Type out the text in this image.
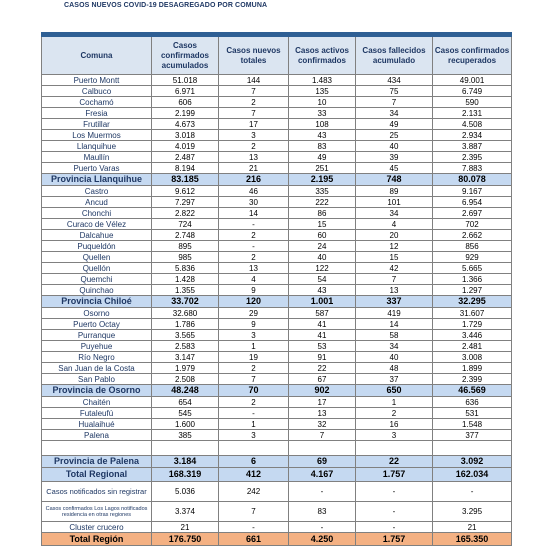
CASOS NUEVOS COVID-19 DESAGREGADO POR COMUNA

Comuna	Casos confirmados acumulados	Casos nuevos totales	Casos activos confirmados	Casos fallecidos acumulado	Casos confirmados recuperados
Puerto Montt	51.018	144	1.483	434	49.001
Calbuco	6.971	7	135	75	6.749
Cochamó	606	2	10	7	590
Fresia	2.199	7	33	34	2.131
Frutillar	4.673	17	108	49	4.508
Los Muermos	3.018	3	43	25	2.934
Llanquihue	4.019	2	83	40	3.887
Maullín	2.487	13	49	39	2.395
Puerto Varas	8.194	21	251	45	7.883
Provincia Llanquihue	83.185	216	2.195	748	80.078
Castro	9.612	46	335	89	9.167
Ancud	7.297	30	222	101	6.954
Chonchi	2.822	14	86	34	2.697
Curaco de Vélez	724	-	15	4	702
Dalcahue	2.748	2	60	20	2.662
Puqueldón	895	-	24	12	856
Quellen	985	2	40	15	929
Quellón	5.836	13	122	42	5.665
Quemchi	1.428	4	54	7	1.366
Quinchao	1.355	9	43	13	1.297
Provincia Chiloé	33.702	120	1.001	337	32.295
Osorno	32.680	29	587	419	31.607
Puerto Octay	1.786	9	41	14	1.729
Purranque	3.565	3	41	58	3.446
Puyehue	2.583	1	53	34	2.481
Río Negro	3.147	19	91	40	3.008
San Juan de la Costa	1.979	2	22	48	1.899
San Pablo	2.508	7	67	37	2.399
Provincia de Osorno	48.248	70	902	650	46.569
Chaitén	654	2	17	1	636
Futaleufú	545	-	13	2	531
Hualaihué	1.600	1	32	16	1.548
Palena	385	3	7	3	377

Provincia de Palena	3.184	6	69	22	3.092
Total Regional	168.319	412	4.167	1.757	162.034
Casos notificados sin registrar	5.036	242	-	-	-
Casos confirmados Los Lagos notificados residencia en otras regiones	3.374	7	83	-	3.295
Cluster crucero	21	-	-	-	21
Total Región	176.750	661	4.250	1.757	165.350
